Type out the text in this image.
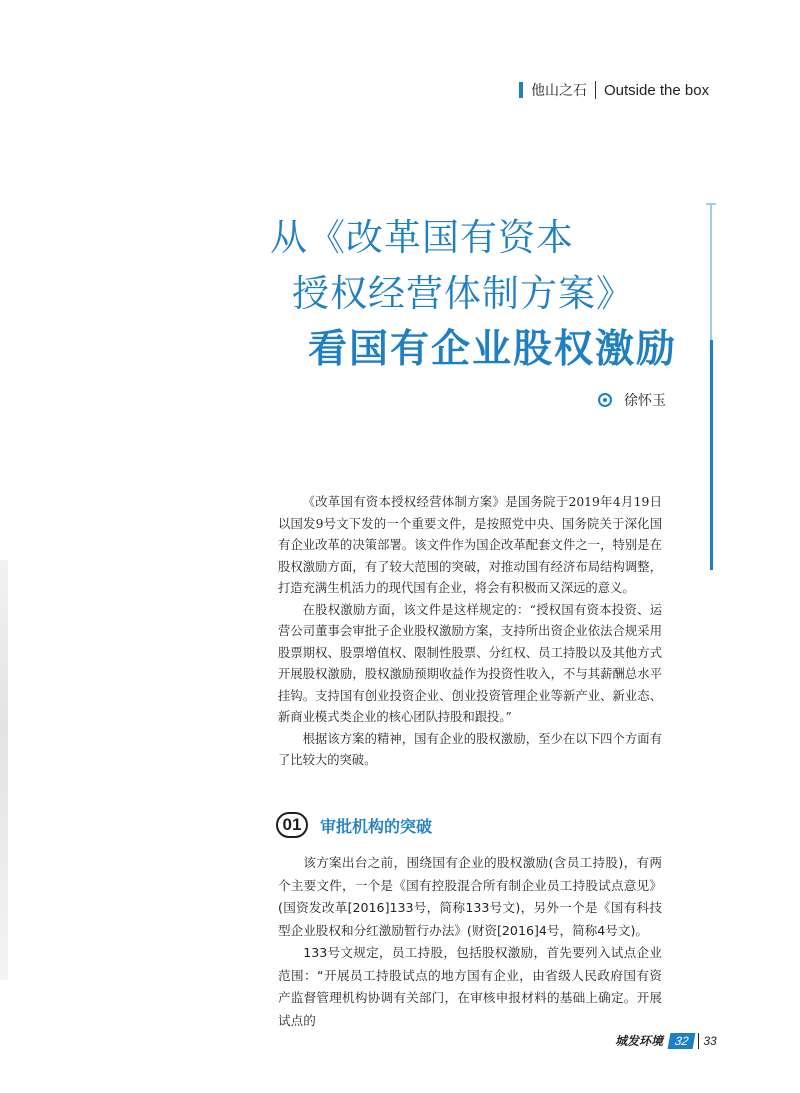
他山之石 Outside the box
从《改革国有资本
授权经营体制方案》
看国有企业股权激励
徐怀玉

《改革国有资本授权经营体制方案》是国务院于2019年4月19日以国发9号文下发的一个重要文件，是按照党中央、国务院关于深化国有企业改革的决策部署。该文件作为国企改革配套文件之一，特别是在股权激励方面，有了较大范围的突破，对推动国有经济布局结构调整，打造充满生机活力的现代国有企业，将会有积极而又深远的意义。

在股权激励方面，该文件是这样规定的：“授权国有资本投资、运营公司董事会审批子企业股权激励方案，支持所出资企业依法合规采用股票期权、股票增值权、限制性股票、分红权、员工持股以及其他方式开展股权激励，股权激励预期收益作为投资性收入，不与其薪酬总水平挂钩。支持国有创业投资企业、创业投资管理企业等新产业、新业态、新商业模式类企业的核心团队持股和跟投。”

根据该方案的精神，国有企业的股权激励，至少在以下四个方面有了比较大的突破。

01	审批机构的突破

该方案出台之前，围绕国有企业的股权激励(含员工持股)，有两个主要文件，一个是《国有控股混合所有制企业员工持股试点意见》(国资发改革[2016]133号，简称133号文)，另外一个是《国有科技型企业股权和分红激励暂行办法》(财资[2016]4号，简称4号文)。

133号文规定，员工持股，包括股权激励，首先要列入试点企业范围：“开展员工持股试点的地方国有企业，由省级人民政府国有资产监督管理机构协调有关部门，在审核申报材料的基础上确定。开展试点的

城发环境 32	33
